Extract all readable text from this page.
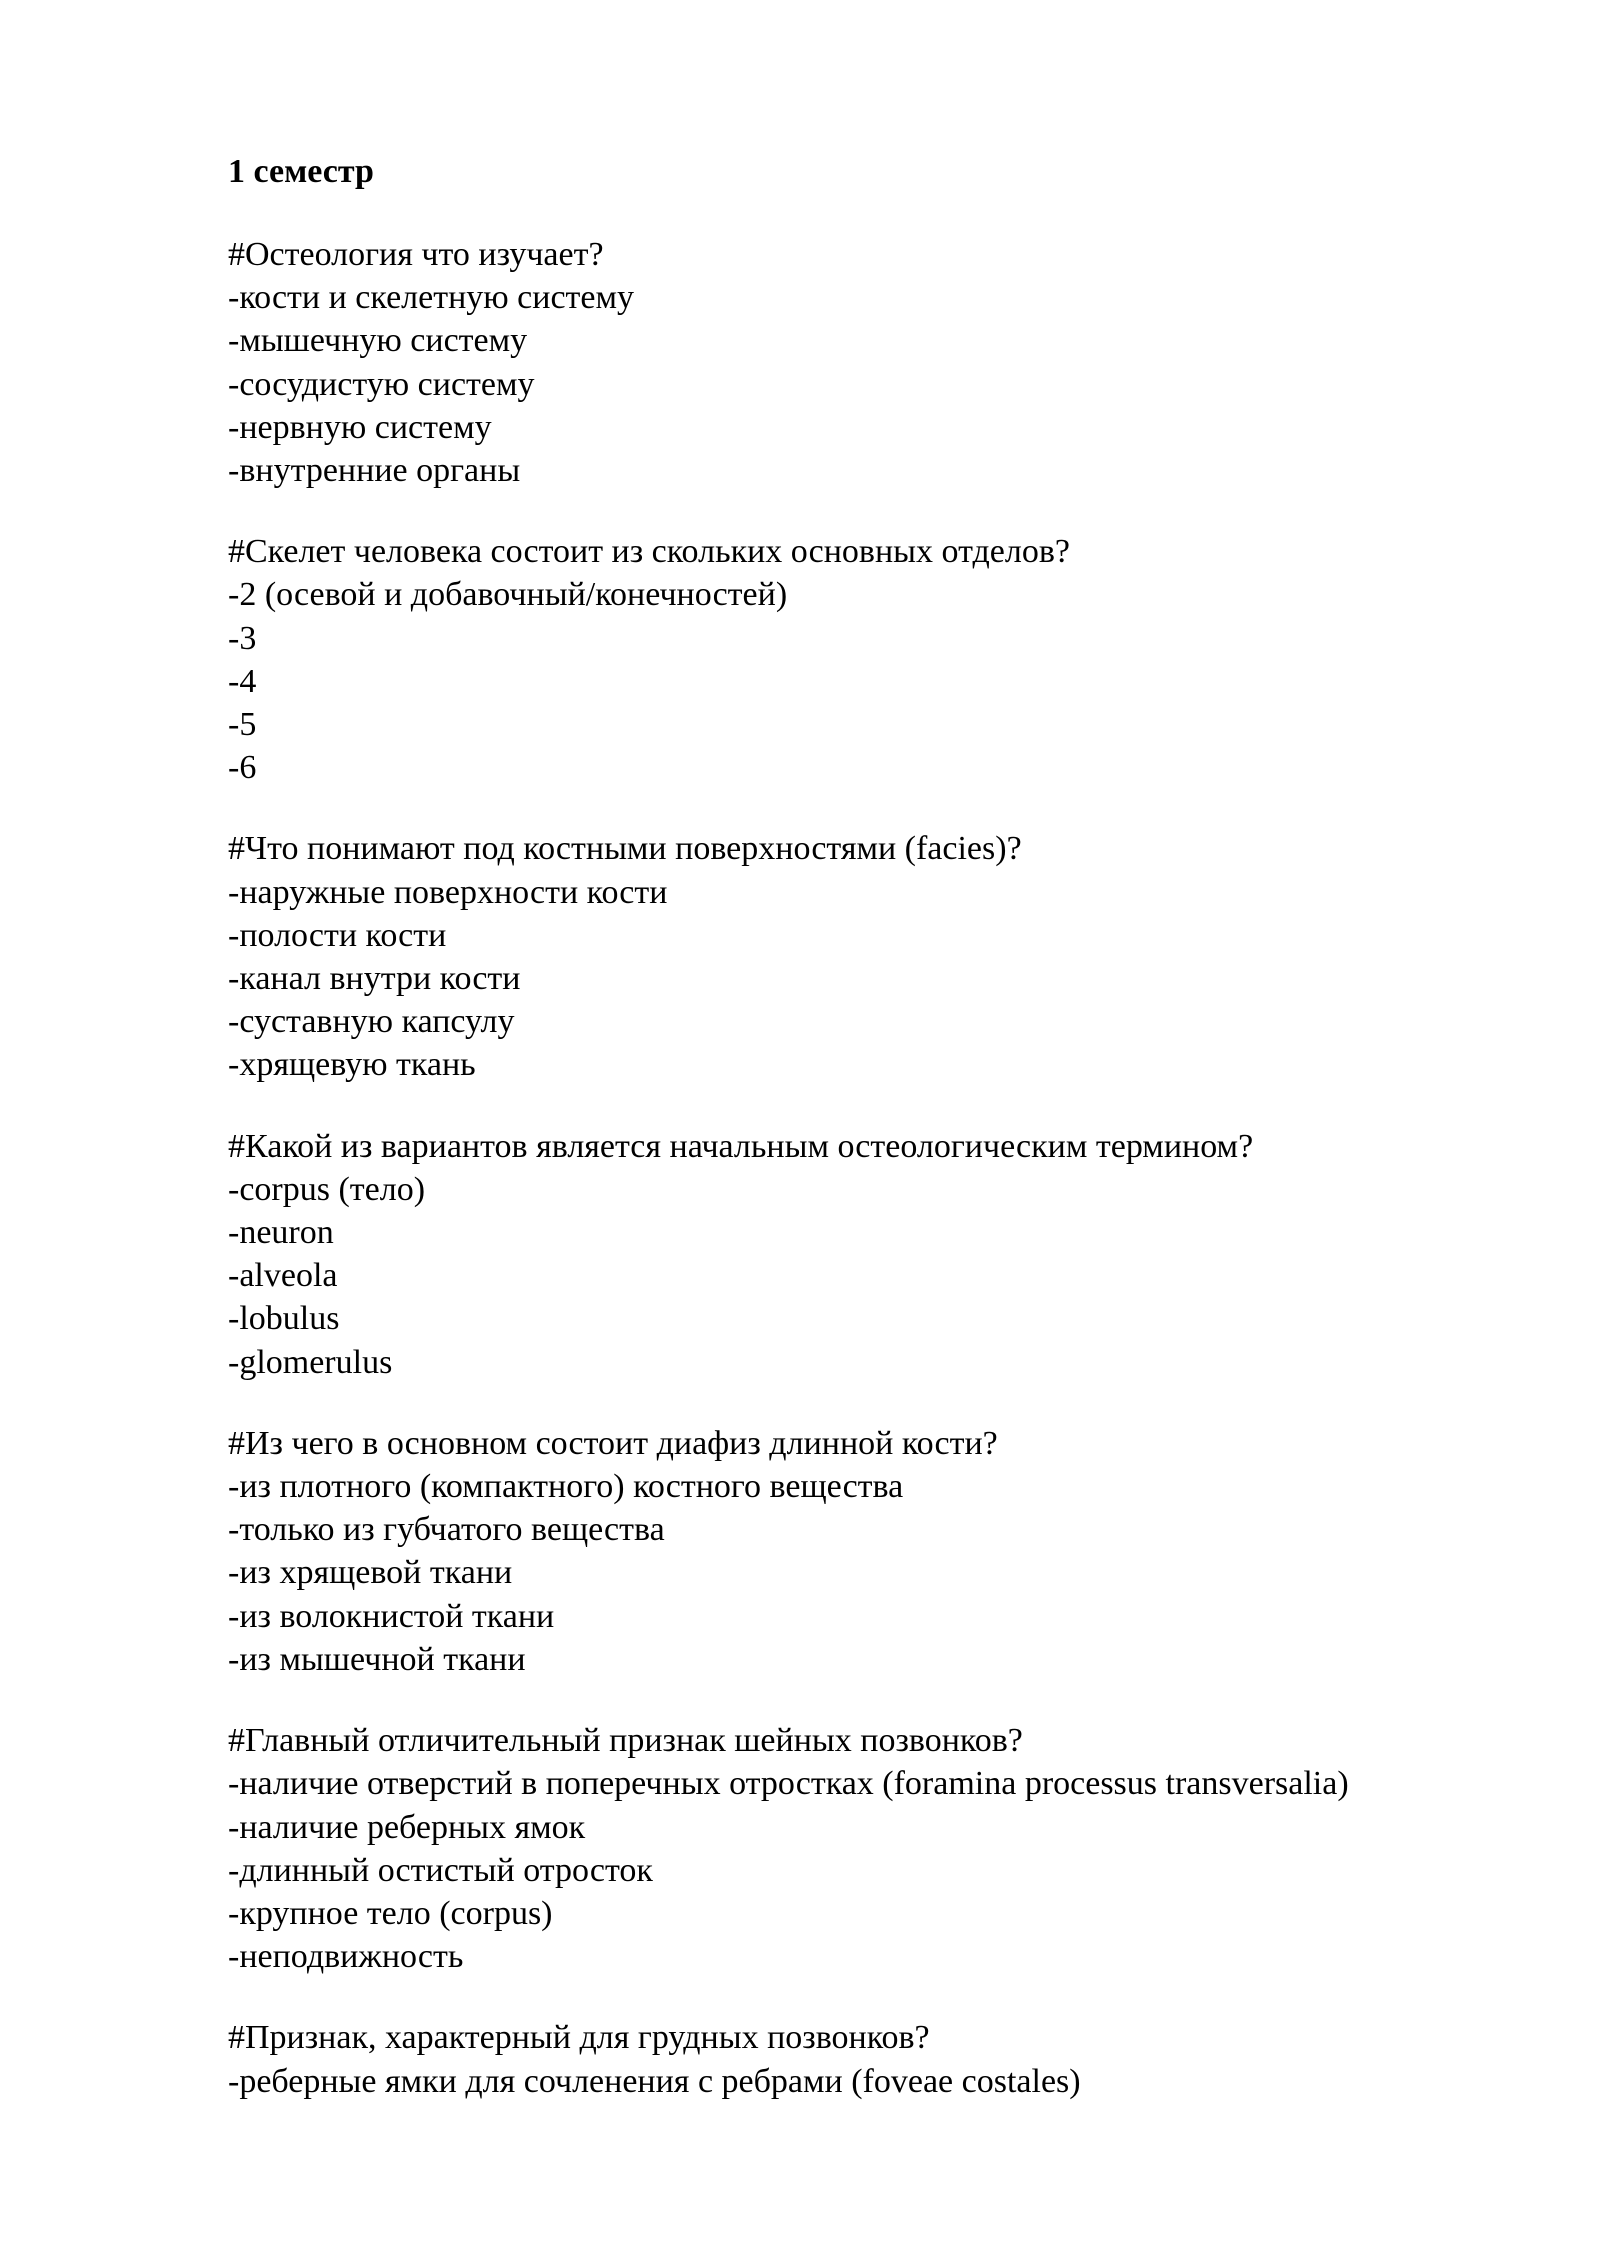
1 семестр
#Остеология что изучает?
-кости и скелетную систему
-мышечную систему
-сосудистую систему
-нервную систему
-внутренние органы
#Скелет человека состоит из скольких основных отделов?
-2 (осевой и добавочный/конечностей)
-3
-4
-5
-6
#Что понимают под костными поверхностями (facies)?
-наружные поверхности кости
-полости кости
-канал внутри кости
-суставную капсулу
-хрящевую ткань
#Какой из вариантов является начальным остеологическим термином?
-corpus (тело)
-neuron
-alveola
-lobulus
-glomerulus
#Из чего в основном состоит диафиз длинной кости?
-из плотного (компактного) костного вещества
-только из губчатого вещества
-из хрящевой ткани
-из волокнистой ткани
-из мышечной ткани
#Главный отличительный признак шейных позвонков?
-наличие отверстий в поперечных отростках (foramina processus transversalia)
-наличие реберных ямок
-длинный остистый отросток
-крупное тело (corpus)
-неподвижность
#Признак, характерный для грудных позвонков?
-реберные ямки для сочленения с ребрами (foveae costales)
